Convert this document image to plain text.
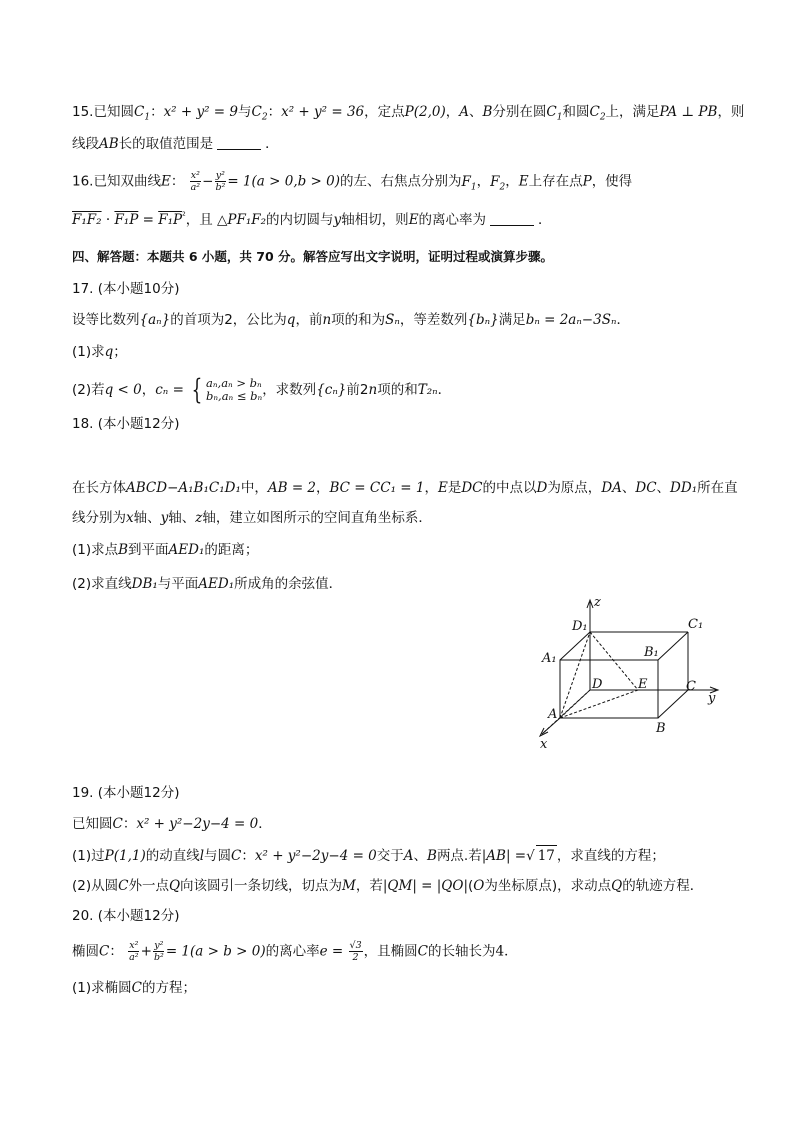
15.已知圆$C_1$：x² + y² = 9与$C_2$：x² + y² = 36，定点P(2,0)，A、B分别在圆$C_1$和圆$C_2$上，满足PA ⊥ PB，则
线段AB长的取值范围是	．
16.已知双曲线E： $\frac{\text{x²}}{\text{a²}} - \frac{\text{y²}}{\text{b²}} = 1(a > 0,b > 0)$的左、右焦点分别为$F_1$，$F_2$，E上存在点P，使得
$F_1F_2 \cdot F_1P = F_1P^{^2}$，且 △PF₁F₂的内切圆与y轴相切，则E的离心率为	．
四、解答题：本题共 6 小题，共 70 分。解答应写出文字说明，证明过程或演算步骤。
17. (本小题10分)
设等比数列{aₙ}的首项为2，公比为q，前n项的和为Sₙ，等差数列{bₙ}满足bₙ = 2aₙ−3Sₙ．
(1)求q；
(2)若q < 0，cₙ = { aₙ,aₙ > bₙ
bₙ,aₙ ≤ bₙ ，求数列{cₙ}前2n项的和T₂ₙ．
18. (本小题12分)
在长方体ABCD−A₁B₁C₁D₁中，AB = 2，BC = CC₁ = 1，E是DC的中点以D为原点，DA、DC、DD₁所在直
线分别为x轴、y轴、z轴，建立如图所示的空间直角坐标系．
(1)求点B到平面AED₁的距离；
(2)求直线DB₁与平面AED₁所成角的余弦值．
z
D₁	C₁
A₁	B₁
D	E	C
y
A
B
x
19. (本小题12分)
已知圆C：x² + y²−2y−4 = 0．
(1)过P(1,1)的动直线l与圆C：x² + y²−2y−4 = 0交于A、B两点.若|AB| =√ 17 ，求直线的方程；
(2)从圆C外一点Q向该圆引一条切线，切点为M，若|QM| = |QO|(O为坐标原点)，求动点Q的轨迹方程．
20. (本小题12分)
椭圆C： $\frac{\text{x²}}{\text{a²}} + \frac{\text{y²}}{\text{b²}} = 1(a > b > 0)$的离心率$e = \frac{√3}{2}$ ，且椭圆C的长轴长为4．
(1)求椭圆C的方程；
